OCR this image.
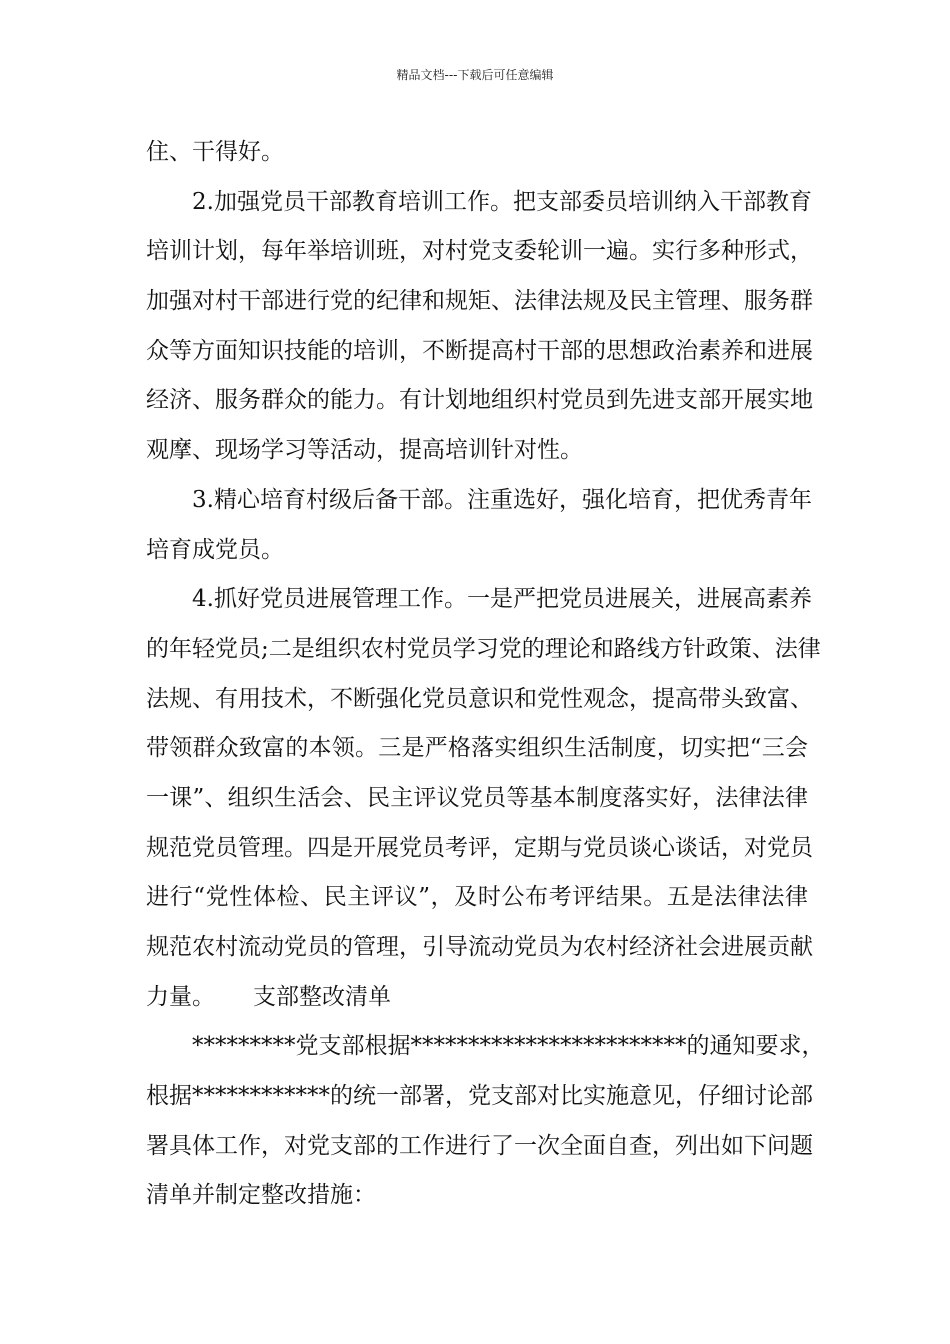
精品文档---下载后可任意编辑
住、干得好。
2.加强党员干部教育培训工作。把支部委员培训纳入干部教育
培训计划，每年举培训班，对村党支委轮训一遍。实行多种形式，
加强对村干部进行党的纪律和规矩、法律法规及民主管理、服务群
众等方面知识技能的培训，不断提高村干部的思想政治素养和进展
经济、服务群众的能力。有计划地组织村党员到先进支部开展实地
观摩、现场学习等活动，提高培训针对性。
3.精心培育村级后备干部。注重选好，强化培育，把优秀青年
培育成党员。
4.抓好党员进展管理工作。一是严把党员进展关，进展高素养
的年轻党员;二是组织农村党员学习党的理论和路线方针政策、法律
法规、有用技术，不断强化党员意识和党性观念，提高带头致富、
带领群众致富的本领。三是严格落实组织生活制度，切实把“三会
一课”、组织生活会、民主评议党员等基本制度落实好，法律法律
规范党员管理。四是开展党员考评，定期与党员谈心谈话，对党员
进行“党性体检、民主评议”，及时公布考评结果。五是法律法律
规范农村流动党员的管理，引导流动党员为农村经济社会进展贡献
力量。 支部整改清单
*********党支部根据************************的通知要求，
根据************的统一部署，党支部对比实施意见，仔细讨论部
署具体工作，对党支部的工作进行了一次全面自查，列出如下问题
清单并制定整改措施：
